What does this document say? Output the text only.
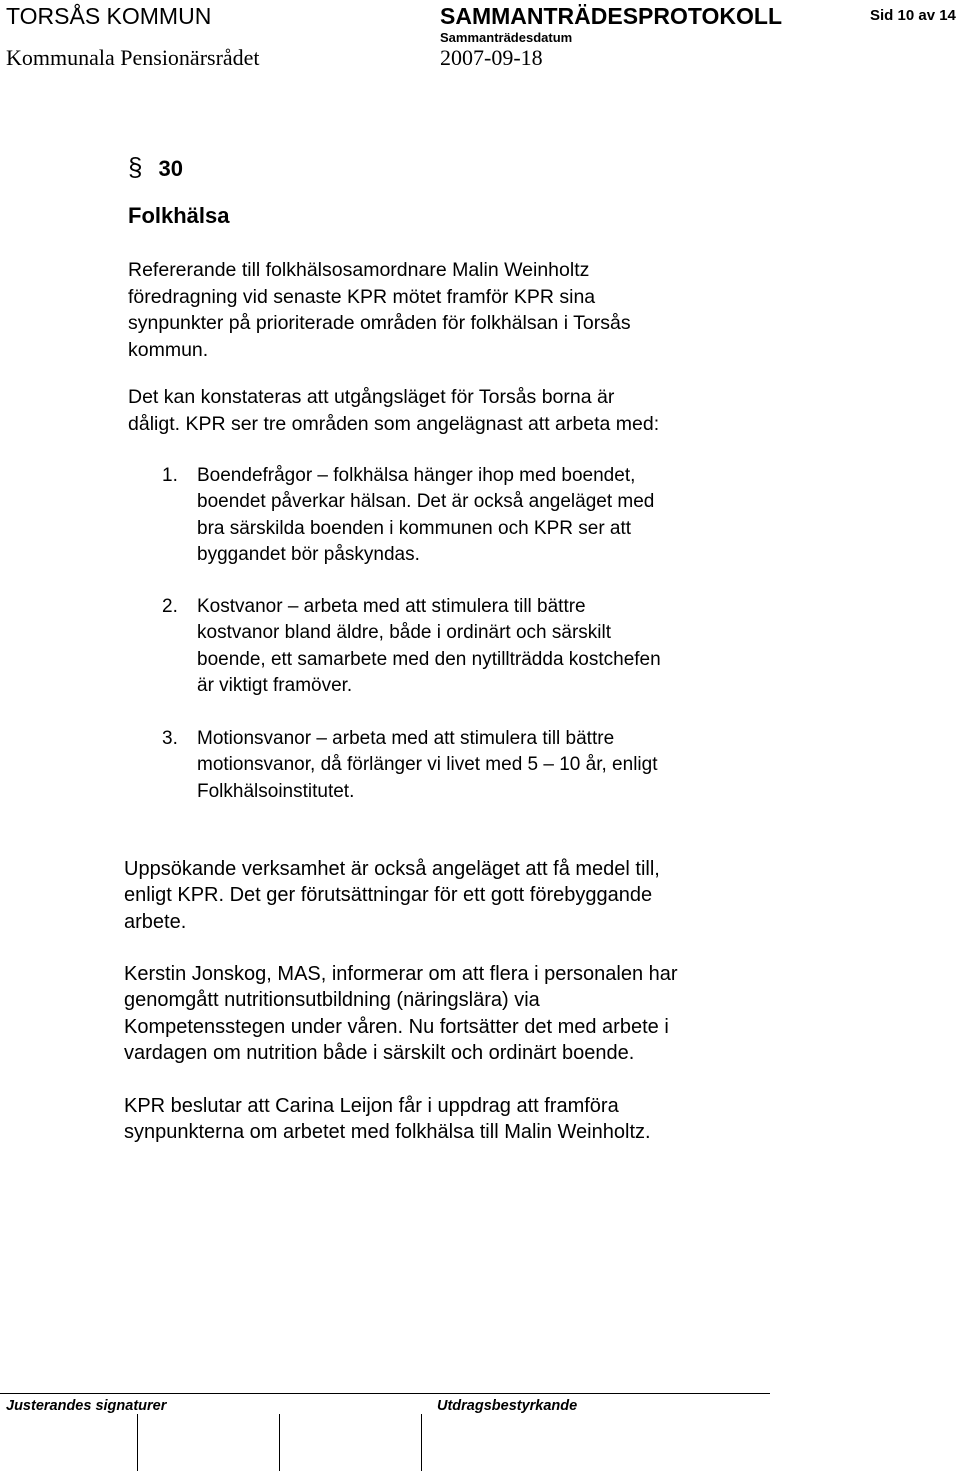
TORSÅS KOMMUN	SAMMANTRÄDESPROTOKOLL	Sid 10 av 14
Kommunala Pensionärsrådet
Sammanträdesdatum
2007-09-18
§ 30
Folkhälsa

Refererande till folkhälsosamordnare Malin Weinholtz

föredragning vid senaste KPR mötet framför KPR sina

synpunkter på prioriterade områden för folkhälsan i Torsås

kommun.

Det kan konstateras att utgångsläget för Torsås borna är

dåligt. KPR ser tre områden som angelägnast att arbeta med:

1. Boendefrågor – folkhälsa hänger ihop med boendet,
boendet påverkar hälsan. Det är också angeläget med
bra särskilda boenden i kommunen och KPR ser att
byggandet bör påskyndas.
2. Kostvanor – arbeta med att stimulera till bättre
kostvanor bland äldre, både i ordinärt och särskilt
boende, ett samarbete med den nytillträdda kostchefen
är viktigt framöver.
3. Motionsvanor – arbeta med att stimulera till bättre
motionsvanor, då förlänger vi livet med 5 – 10 år, enligt
Folkhälsoinstitutet.

Uppsökande verksamhet är också angeläget att få medel till,

enligt KPR. Det ger förutsättningar för ett gott förebyggande

arbete.

Kerstin Jonskog, MAS, informerar om att flera i personalen har

genomgått nutritionsutbildning (näringslära) via

Kompetensstegen under våren. Nu fortsätter det med arbete i

vardagen om nutrition både i särskilt och ordinärt boende.

KPR beslutar att Carina Leijon får i uppdrag att framföra

synpunkterna om arbetet med folkhälsa till Malin Weinholtz.

Justerandes signaturer	Utdragsbestyrkande
